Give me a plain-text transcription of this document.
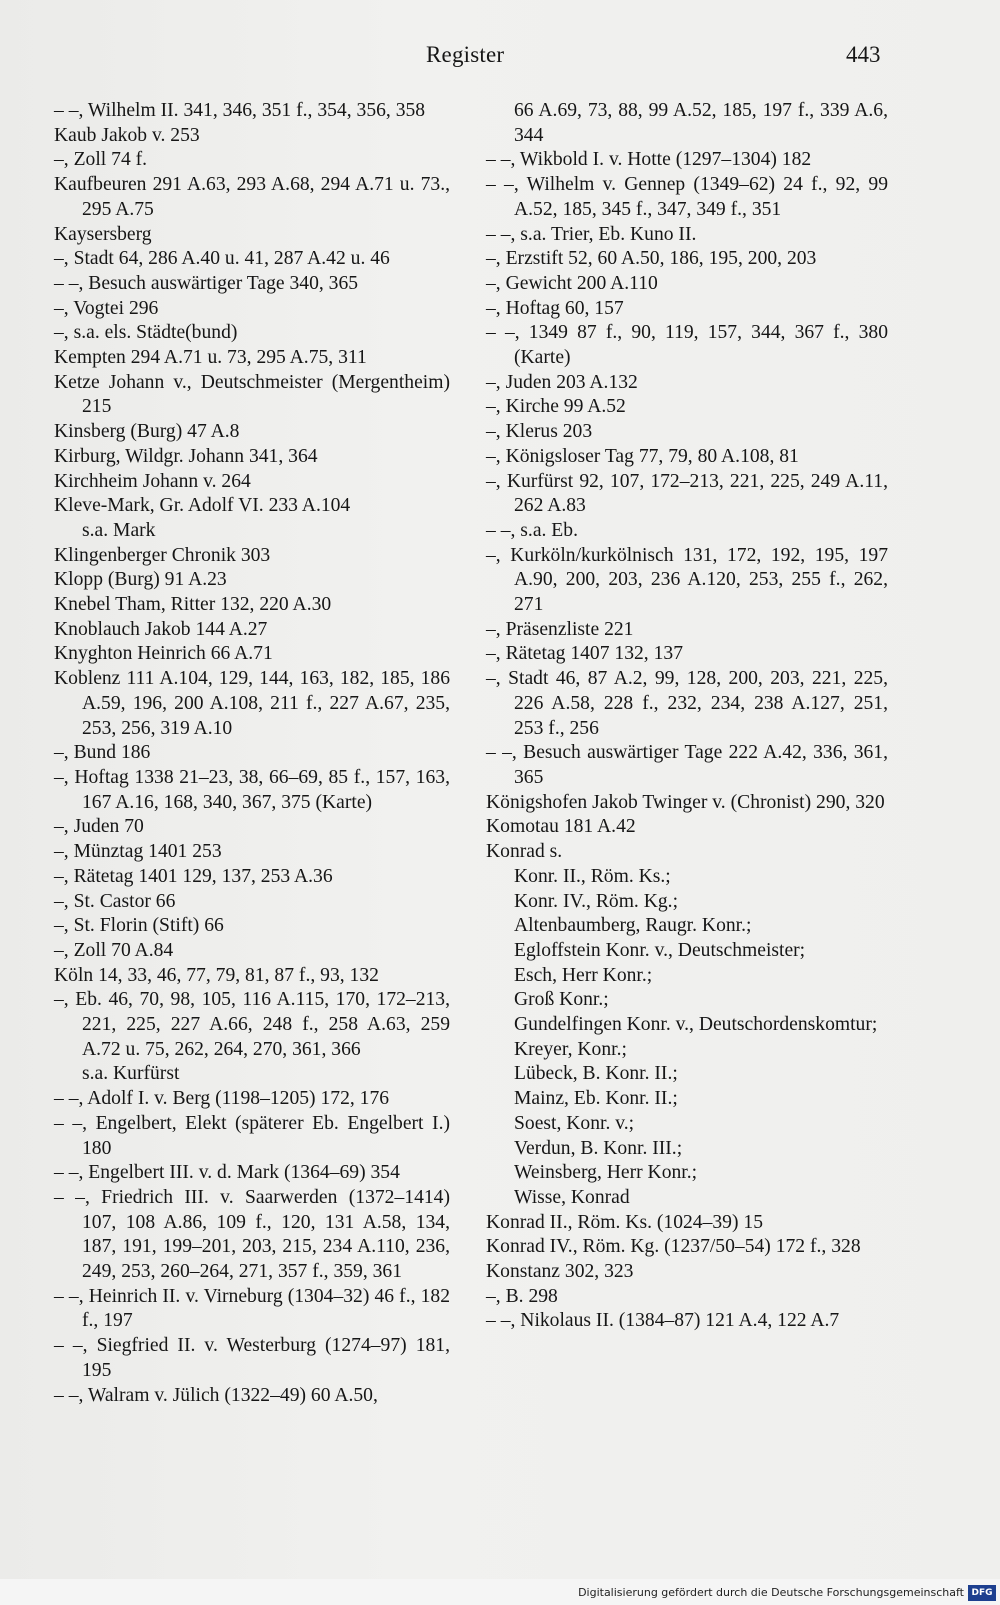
Register	443
– –, Wilhelm II. 341, 346, 351 f., 354, 356, 358
Kaub Jakob v. 253
–, Zoll 74 f.
Kaufbeuren 291 A.63, 293 A.68, 294 A.71 u. 73., 295 A.75
Kaysersberg
–, Stadt 64, 286 A.40 u. 41, 287 A.42 u. 46
– –, Besuch auswärtiger Tage 340, 365
–, Vogtei 296
–, s.a. els. Städte(bund)
Kempten 294 A.71 u. 73, 295 A.75, 311
Ketze Johann v., Deutschmeister (Mergentheim) 215
Kinsberg (Burg) 47 A.8
Kirburg, Wildgr. Johann 341, 364
Kirchheim Johann v. 264
Kleve-Mark, Gr. Adolf VI. 233 A.104
s.a. Mark
Klingenberger Chronik 303
Klopp (Burg) 91 A.23
Knebel Tham, Ritter 132, 220 A.30
Knoblauch Jakob 144 A.27
Knyghton Heinrich 66 A.71
Koblenz 111 A.104, 129, 144, 163, 182, 185, 186 A.59, 196, 200 A.108, 211 f., 227 A.67, 235, 253, 256, 319 A.10
–, Bund 186
–, Hoftag 1338 21–23, 38, 66–69, 85 f., 157, 163, 167 A.16, 168, 340, 367, 375 (Karte)
–, Juden 70
–, Münztag 1401 253
–, Rätetag 1401 129, 137, 253 A.36
–, St. Castor 66
–, St. Florin (Stift) 66
–, Zoll 70 A.84
Köln 14, 33, 46, 77, 79, 81, 87 f., 93, 132
–, Eb. 46, 70, 98, 105, 116 A.115, 170, 172–213, 221, 225, 227 A.66, 248 f., 258 A.63, 259 A.72 u. 75, 262, 264, 270, 361, 366
s.a. Kurfürst
– –, Adolf I. v. Berg (1198–1205) 172, 176
– –, Engelbert, Elekt (späterer Eb. Engelbert I.) 180
– –, Engelbert III. v. d. Mark (1364–69) 354
– –, Friedrich III. v. Saarwerden (1372–1414) 107, 108 A.86, 109 f., 120, 131 A.58, 134, 187, 191, 199–201, 203, 215, 234 A.110, 236, 249, 253, 260–264, 271, 357 f., 359, 361
– –, Heinrich II. v. Virneburg (1304–32) 46 f., 182 f., 197
– –, Siegfried II. v. Westerburg (1274–97) 181, 195
– –, Walram v. Jülich (1322–49) 60 A.50,
66 A.69, 73, 88, 99 A.52, 185, 197 f., 339 A.6, 344
– –, Wikbold I. v. Hotte (1297–1304) 182
– –, Wilhelm v. Gennep (1349–62) 24 f., 92, 99 A.52, 185, 345 f., 347, 349 f., 351
– –, s.a. Trier, Eb. Kuno II.
–, Erzstift 52, 60 A.50, 186, 195, 200, 203
–, Gewicht 200 A.110
–, Hoftag 60, 157
– –, 1349 87 f., 90, 119, 157, 344, 367 f., 380 (Karte)
–, Juden 203 A.132
–, Kirche 99 A.52
–, Klerus 203
–, Königsloser Tag 77, 79, 80 A.108, 81
–, Kurfürst 92, 107, 172–213, 221, 225, 249 A.11, 262 A.83
– –, s.a. Eb.
–, Kurköln/kurkölnisch 131, 172, 192, 195, 197 A.90, 200, 203, 236 A.120, 253, 255 f., 262, 271
–, Präsenzliste 221
–, Rätetag 1407 132, 137
–, Stadt 46, 87 A.2, 99, 128, 200, 203, 221, 225, 226 A.58, 228 f., 232, 234, 238 A.127, 251, 253 f., 256
– –, Besuch auswärtiger Tage 222 A.42, 336, 361, 365
Königshofen Jakob Twinger v. (Chronist) 290, 320
Komotau 181 A.42
Konrad s.
Konr. II., Röm. Ks.;
Konr. IV., Röm. Kg.;
Altenbaumberg, Raugr. Konr.;
Egloffstein Konr. v., Deutschmeister;
Esch, Herr Konr.;
Groß Konr.;
Gundelfingen Konr. v., Deutschordenskomtur;
Kreyer, Konr.;
Lübeck, B. Konr. II.;
Mainz, Eb. Konr. II.;
Soest, Konr. v.;
Verdun, B. Konr. III.;
Weinsberg, Herr Konr.;
Wisse, Konrad
Konrad II., Röm. Ks. (1024–39) 15
Konrad IV., Röm. Kg. (1237/50–54) 172 f., 328
Konstanz 302, 323
–, B. 298
– –, Nikolaus II. (1384–87) 121 A.4, 122 A.7
Digitalisierung gefördert durch die Deutsche Forschungsgemeinschaft DFG
